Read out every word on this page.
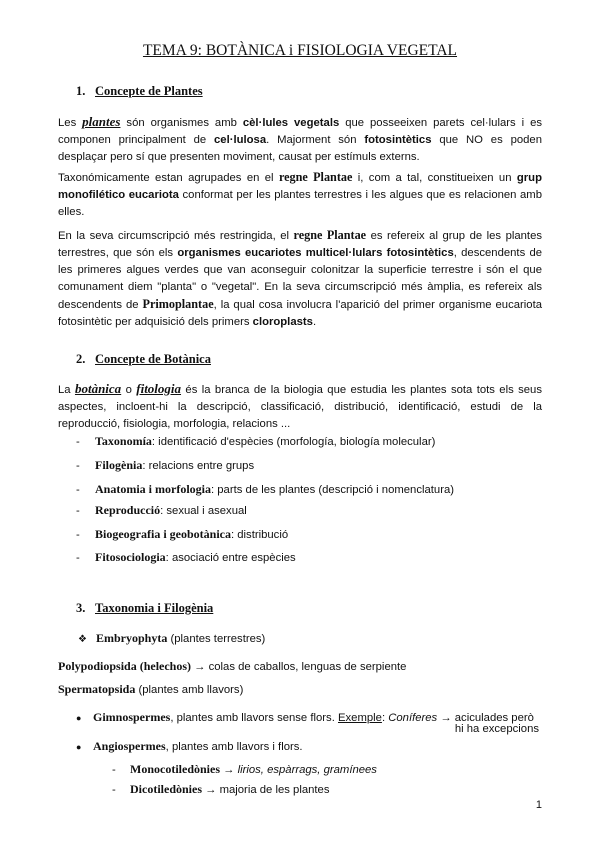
TEMA 9: BOTÀNICA i FISIOLOGIA VEGETAL
1. Concepte de Plantes
Les plantes són organismes amb cèl·lules vegetals que posseeixen parets cel·lulars i es componen principalment de cel·lulosa. Majorment són fotosintètics que NO es poden desplaçar pero sí que presenten moviment, causat per estímuls externs.
Taxonómicamente estan agrupades en el regne Plantae i, com a tal, constitueixen un grup monofilético eucariota conformat per les plantes terrestres i les algues que es relacionen amb elles.
En la seva circumscripció més restringida, el regne Plantae es refereix al grup de les plantes terrestres, que són els organismes eucariotes multicel·lulars fotosintètics, descendents de les primeres algues verdes que van aconseguir colonitzar la superficie terrestre i són el que comunament diem "planta" o "vegetal". En la seva circumscripció més àmplia, es refereix als descendents de Primoplantae, la qual cosa involucra l'aparició del primer organisme eucariota fotosintètic per adquisició dels primers cloroplasts.
2. Concepte de Botànica
La botànica o fitologia és la branca de la biologia que estudia les plantes sota tots els seus aspectes, incloent-hi la descripció, classificació, distribució, identificació, estudi de la reproducció, fisiologia, morfologia, relacions ...
- Taxonomía: identificació d'espècies (morfología, biología molecular)
- Filogènia: relacions entre grups
- Anatomia i morfologia: parts de les plantes (descripció i nomenclatura)
- Reproducció: sexual i asexual
- Biogeografia i geobotànica: distribució
- Fitosociologia: asociació entre espècies
3. Taxonomia i Filogènia
❖ Embryophyta (plantes terrestres)
Polypodiopsida (helechos) → colas de caballos, lenguas de serpiente
Spermatopsida (plantes amb llavors)
● Gimnospermes, plantes amb llavors sense flors. Exemple: Coníferes → aciculades però
hi ha excepcions
● Angiospermes, plantes amb llavors i flors.
- Monocotiledònies → lirios, espàrrags, gramínees
- Dicotiledònies → majoria de les plantes
1
